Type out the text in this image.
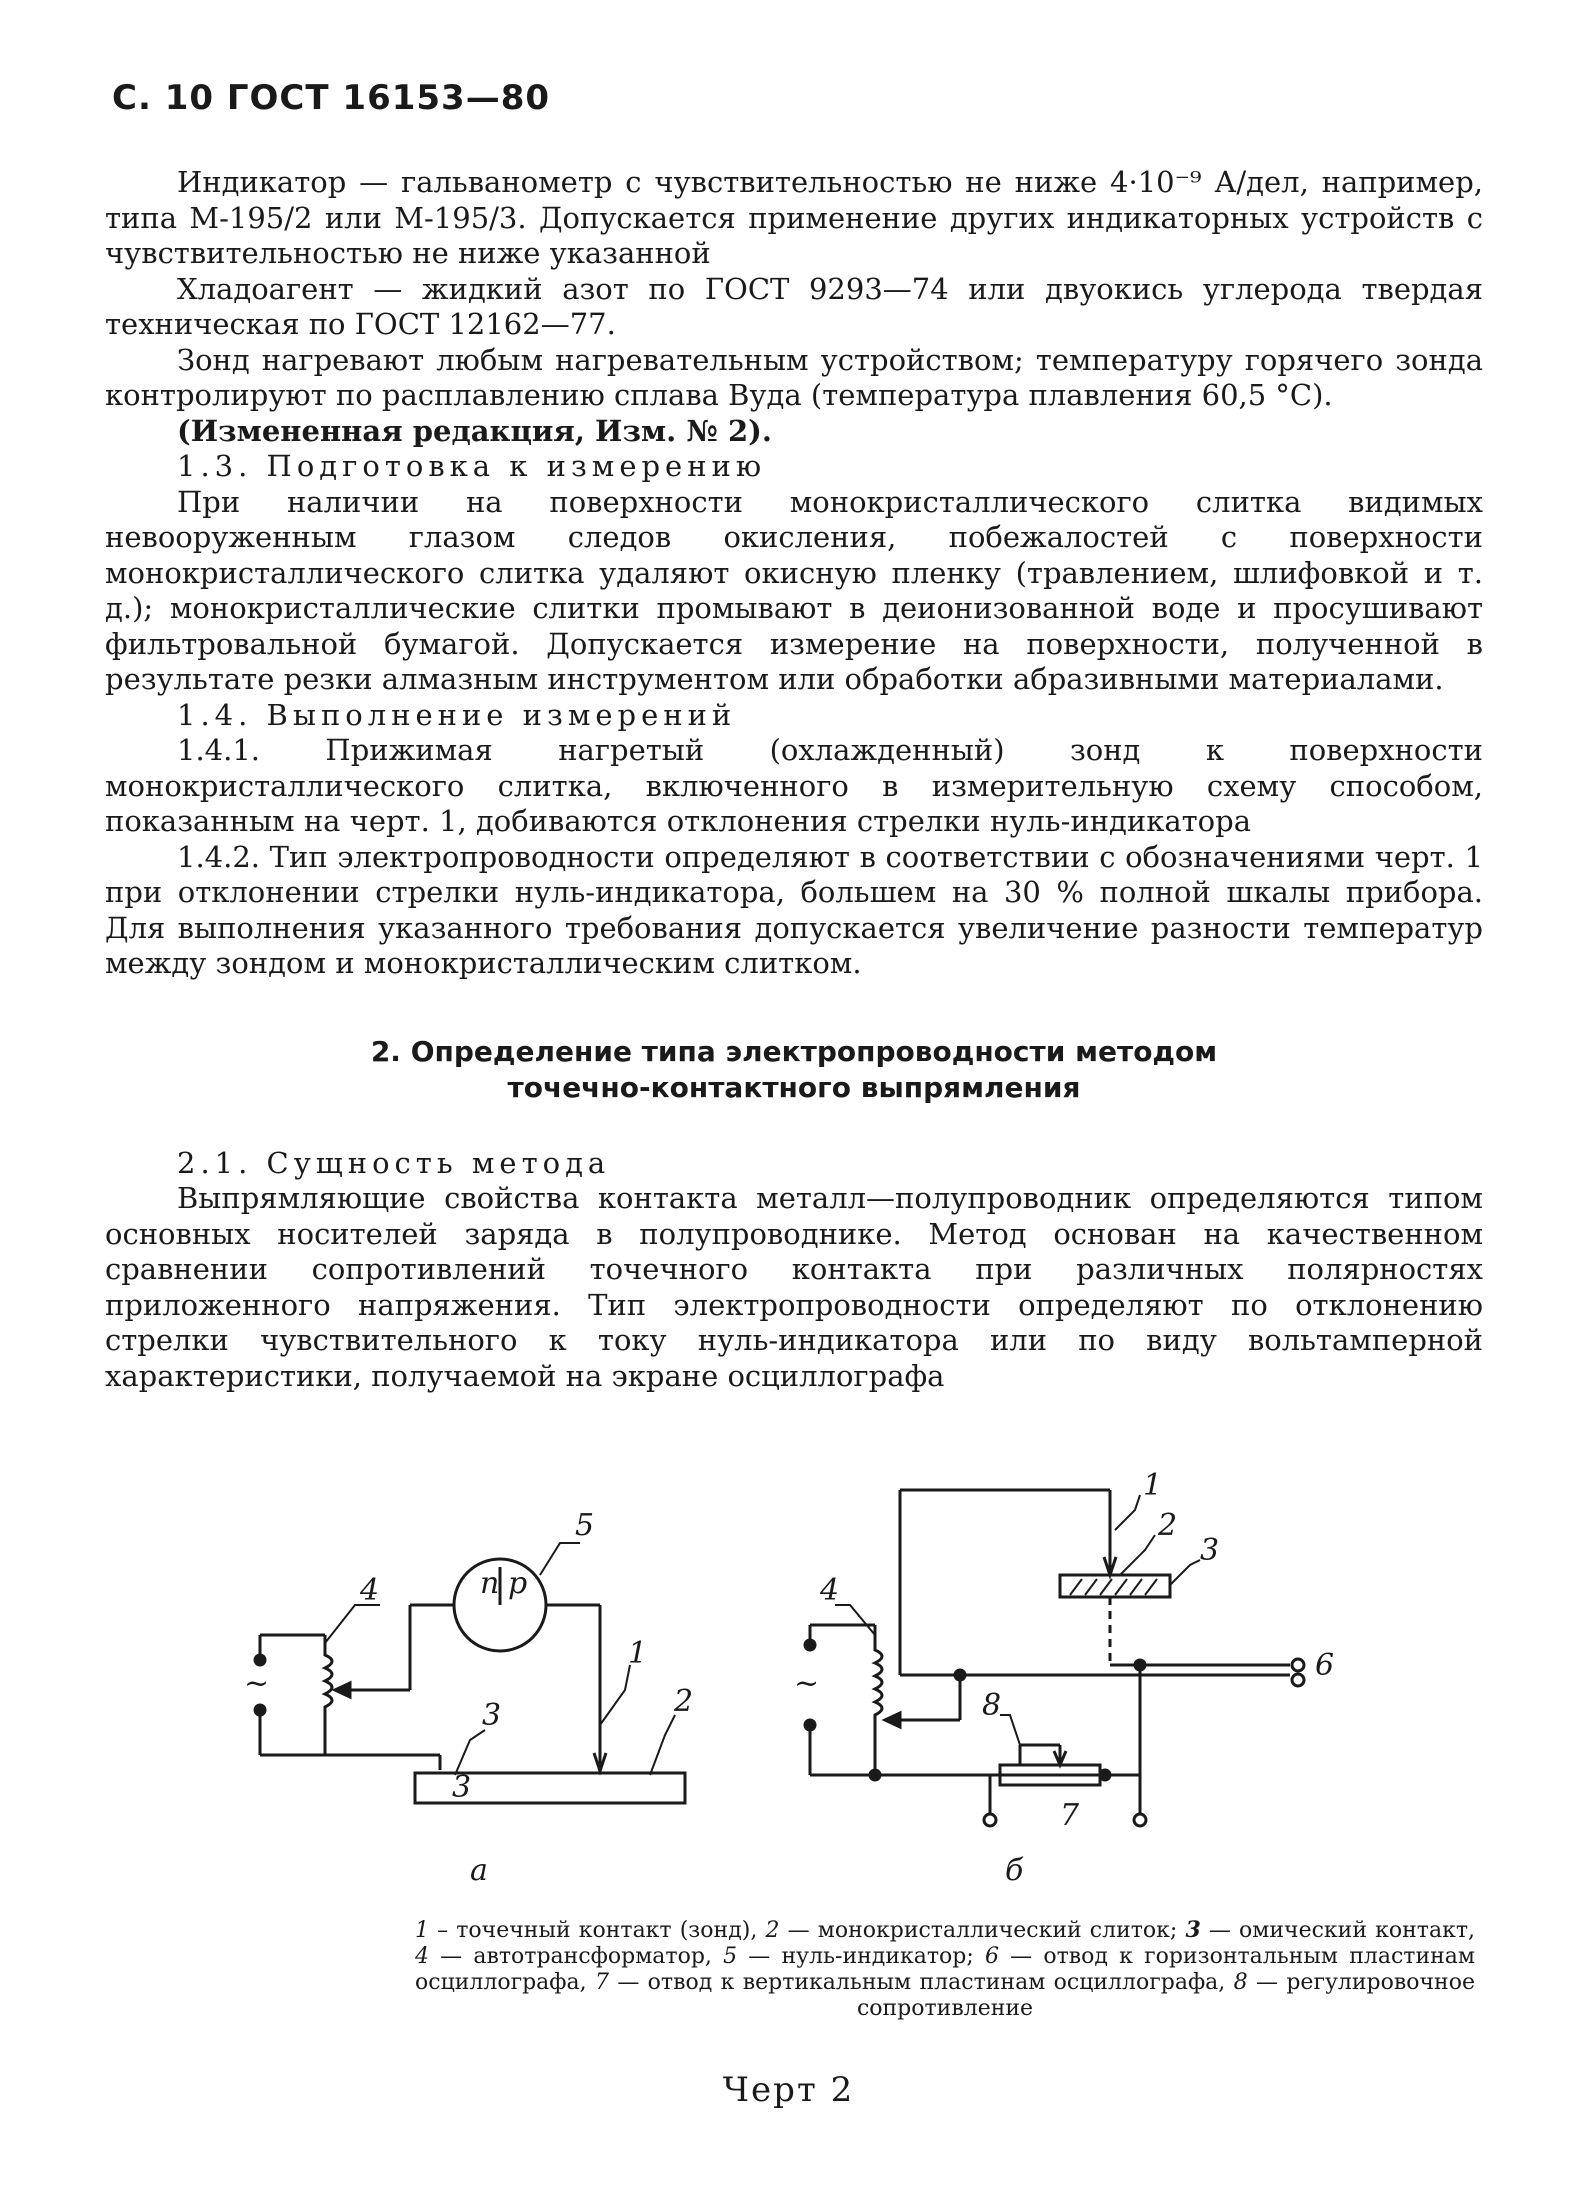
С. 10 ГОСТ 16153—80

Индикатор — гальванометр с чувствительностью не ниже 4·10⁻⁹ А/дел, например, типа М-195/2 или М-195/3. Допускается применение других индикаторных устройств с чувствительностью не ниже указанной

Хладоагент — жидкий азот по ГОСТ 9293—74 или двуокись углерода твердая техническая по ГОСТ 12162—77.

Зонд нагревают любым нагревательным устройством; температуру горячего зонда контролируют по расплавлению сплава Вуда (температура плавления 60,5 °С).

(Измененная редакция, Изм. № 2).

1.3. Подготовка к измерению

При наличии на поверхности монокристаллического слитка видимых невооруженным глазом следов окисления, побежалостей с поверхности монокристаллического слитка удаляют окисную пленку (травлением, шлифовкой и т. д.); монокристаллические слитки промывают в деионизованной воде и просушивают фильтровальной бумагой. Допускается измерение на поверхности, полученной в результате резки алмазным инструментом или обработки абразивными материалами.

1.4. Выполнение измерений

1.4.1. Прижимая нагретый (охлажденный) зонд к поверхности монокристаллического слитка, включенного в измерительную схему способом, показанным на черт. 1, добиваются отклонения стрелки нуль-индикатора

1.4.2. Тип электропроводности определяют в соответствии с обозначениями черт. 1 при отклонении стрелки нуль-индикатора, большем на 30 % полной шкалы прибора. Для выполнения указанного требования допускается увеличение разности температур между зондом и монокристаллическим слитком.

2. Определение типа электропроводности методом
точечно-контактного выпрямления

2.1. Сущность метода

Выпрямляющие свойства контакта металл—полупроводник определяются типом основных носителей заряда в полупроводнике. Метод основан на качественном сравнении сопротивлений точечного контакта при различных полярностях приложенного напряжения. Тип электропроводности определяют по отклонению стрелки чувствительного к току нуль-индикатора или по виду вольтамперной характеристики, получаемой на экране осциллографа

~
4
5
n p
1
2
3
3
а
~
4
1
2
3
6
7
8
б
1 – точечный контакт (зонд), 2 — монокристаллический слиток; 3 — омический контакт, 4 — автотрансформатор, 5 — нуль-индикатор; 6 — отвод к горизонтальным пластинам осциллографа, 7 — отвод к вертикальным пластинам осциллографа, 8 — регулировочное сопротивление
Черт 2
